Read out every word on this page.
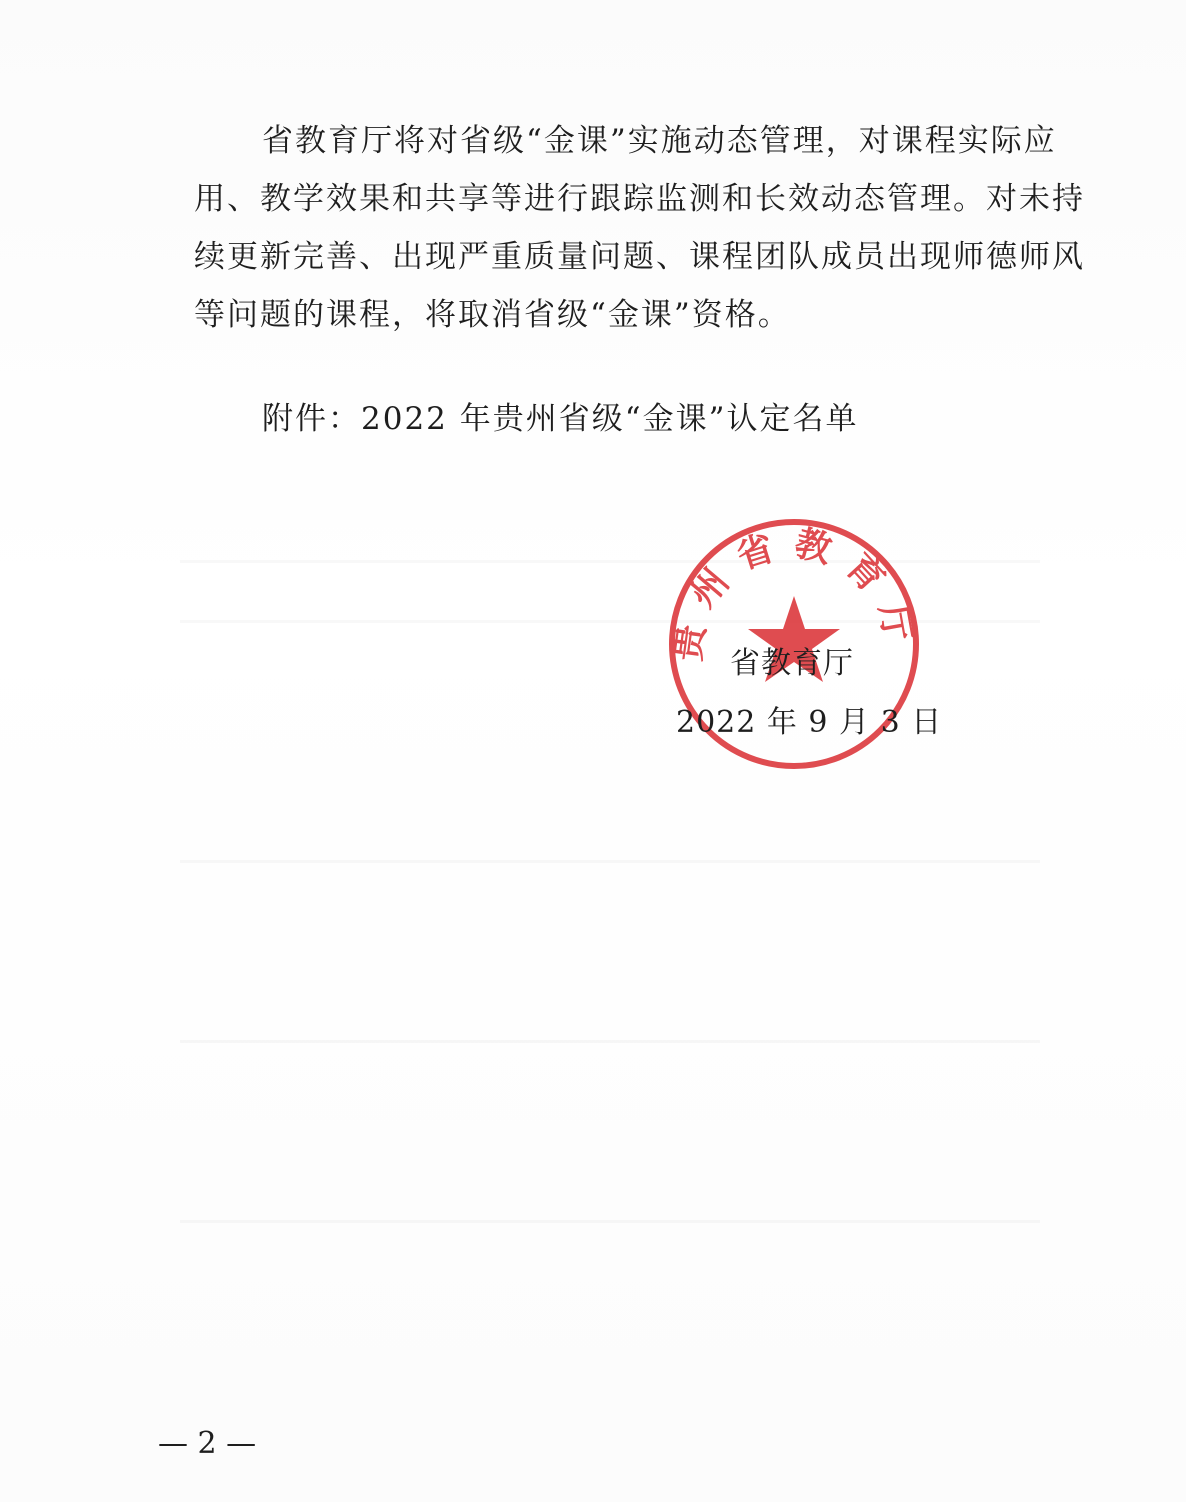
省教育厅将对省级“金课”实施动态管理，对课程实际应
用、教学效果和共享等进行跟踪监测和长效动态管理。对未持
续更新完善、出现严重质量问题、课程团队成员出现师德师风
等问题的课程，将取消省级“金课”资格。
附件：2022 年贵州省级“金课”认定名单
贵州省教育厅
省教育厅
2022 年 9 月 3 日
— 2 —
